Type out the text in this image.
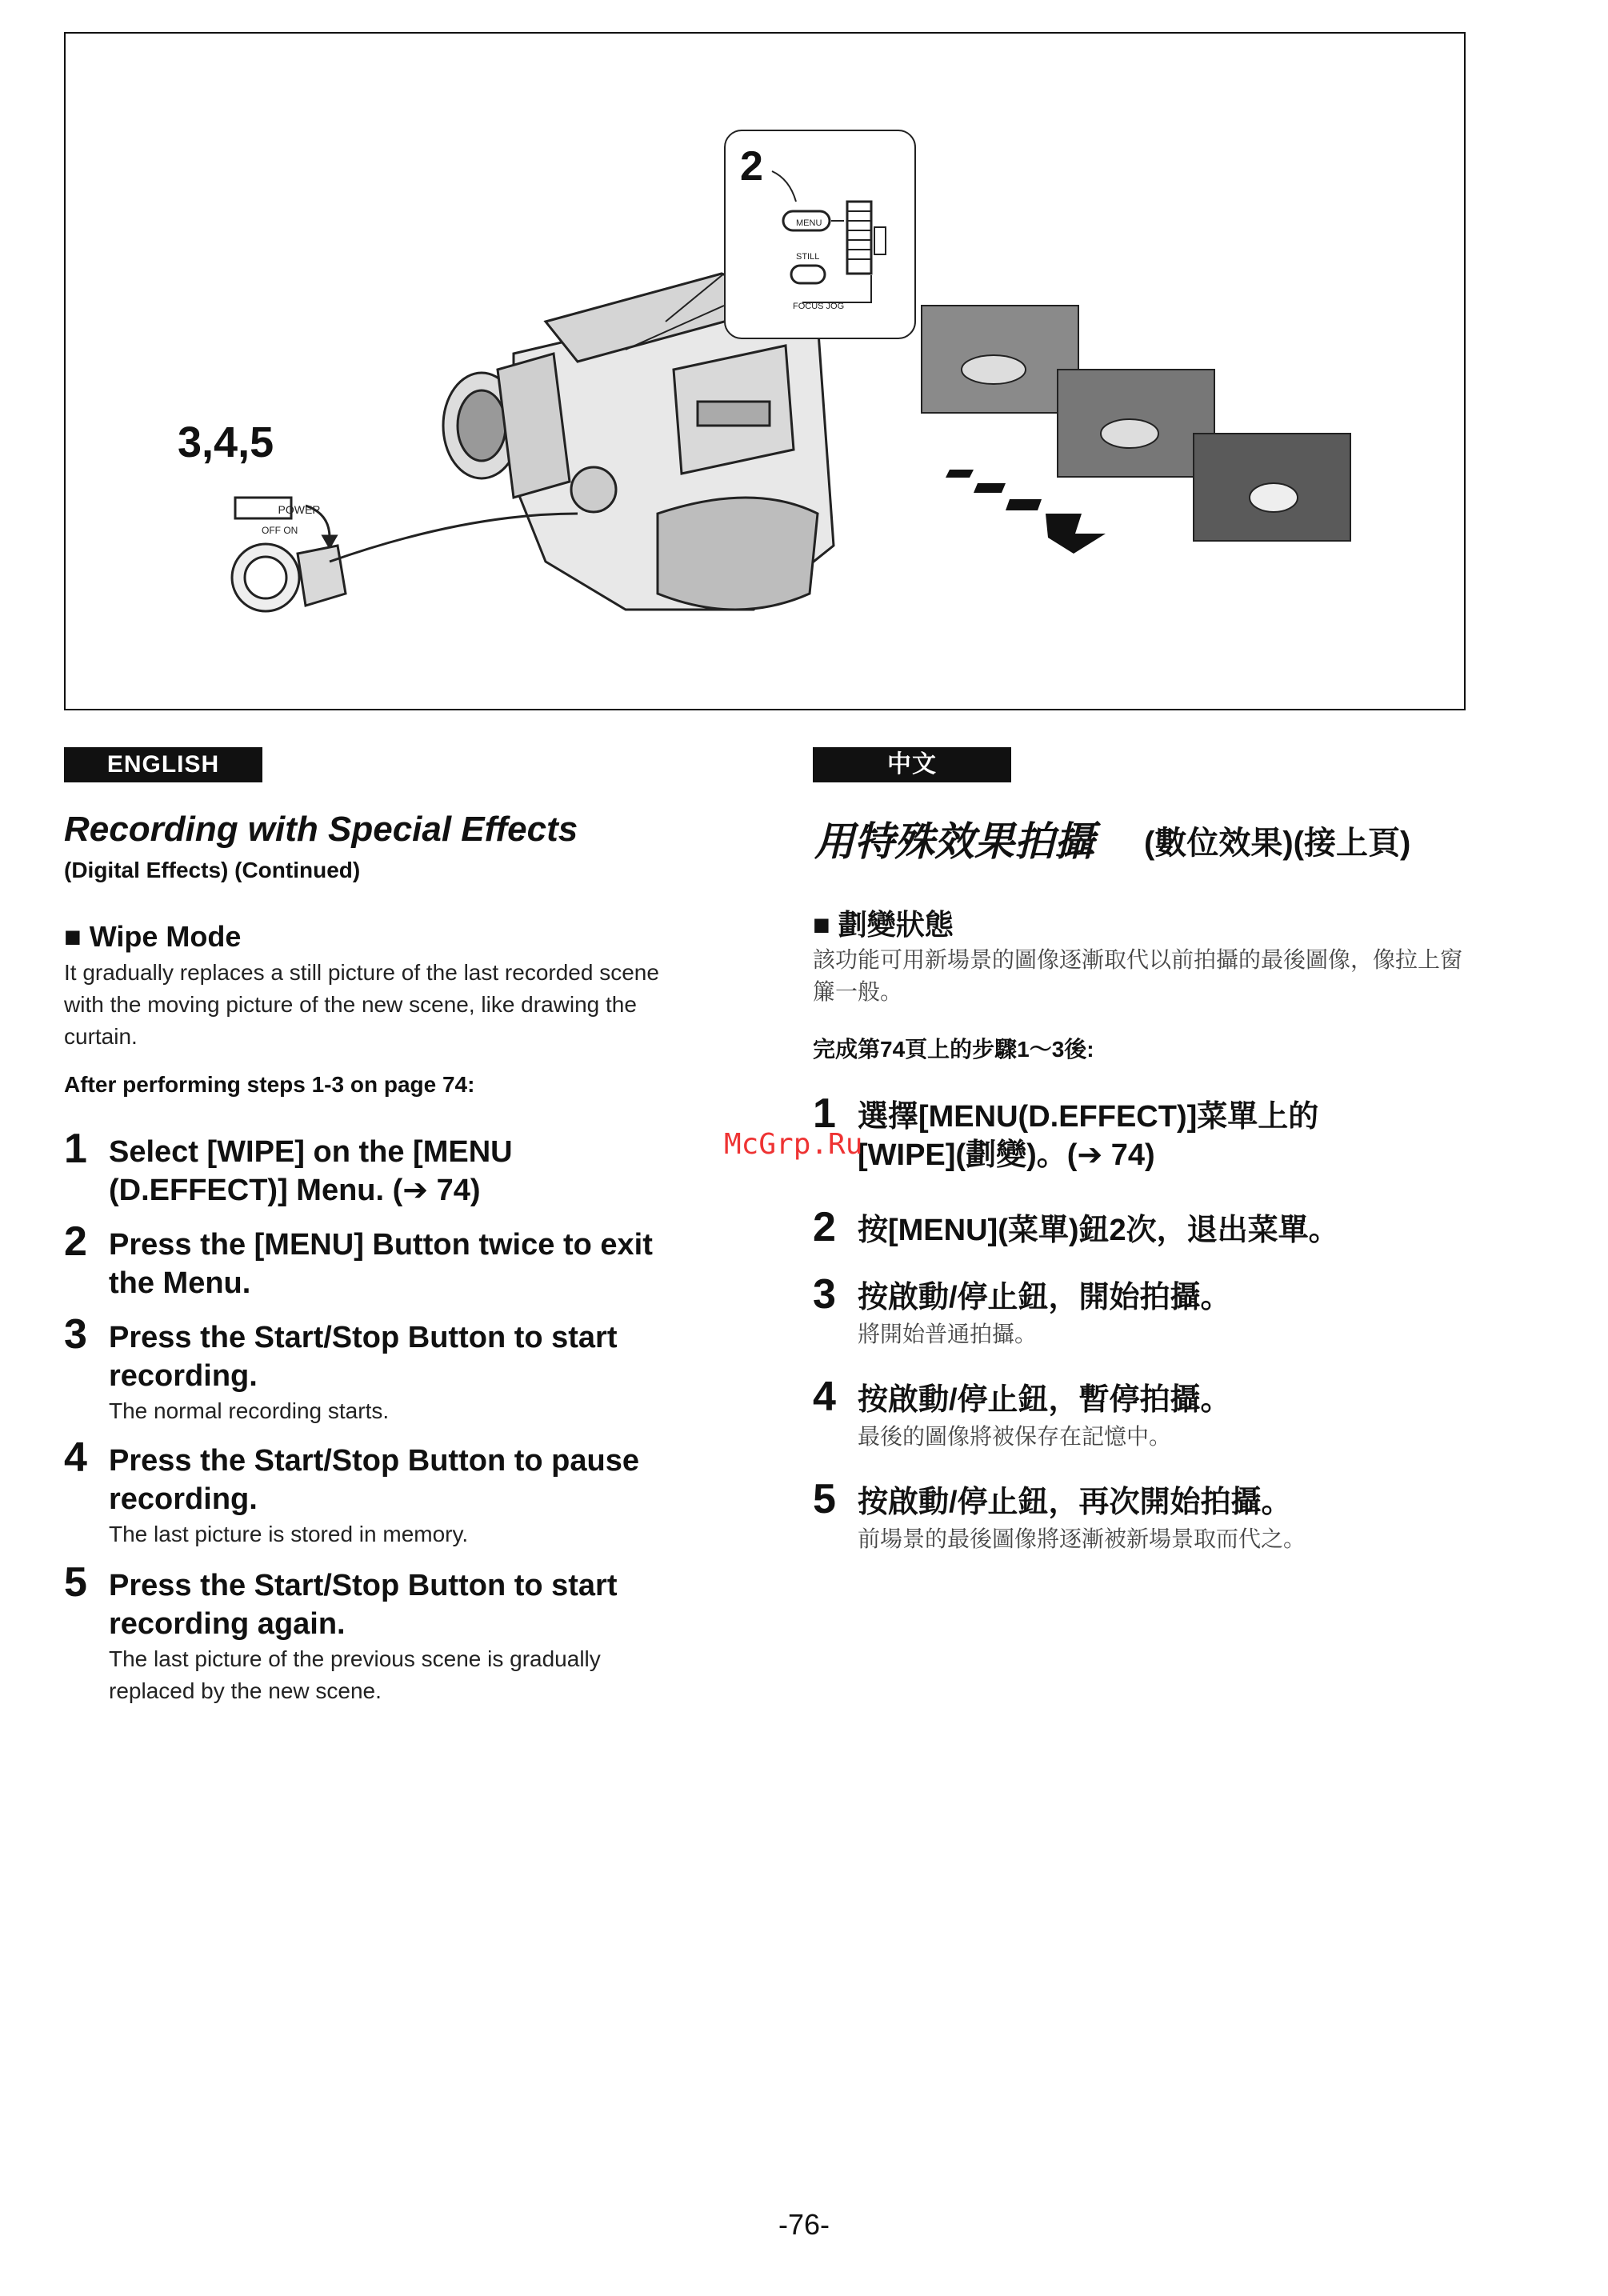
POWER
OFF ON
3,4,5
2
MENU
STILL
FOCUS JOG
ENGLISH
Recording with Special Effects
(Digital Effects) (Continued)
■ Wipe Mode
It gradually replaces a still picture of the last recorded scene with the moving picture of the new scene, like drawing the curtain.
After performing steps 1-3 on page 74:
1 Select [WIPE] on the [MENU
(D.EFFECT)] Menu. (➔ 74)
2 Press the [MENU] Button twice to exit
the Menu.
3 Press the Start/Stop Button to start
recording.
The normal recording starts.
4 Press the Start/Stop Button to pause
recording.
The last picture is stored in memory.
5 Press the Start/Stop Button to start
recording again.
The last picture of the previous scene is gradually
replaced by the new scene.
中文
用特殊效果拍攝 (數位效果)(接上頁)
■ 劃變狀態
該功能可用新場景的圖像逐漸取代以前拍攝的最後圖像，像拉上窗簾一般。
完成第74頁上的步驟1～3後:
1 選擇[MENU(D.EFFECT)]菜單上的
[WIPE](劃變)。(➔ 74)
2 按[MENU](菜單)鈕2次，退出菜單。
3 按啟動/停止鈕，開始拍攝。
將開始普通拍攝。
4 按啟動/停止鈕，暫停拍攝。
最後的圖像將被保存在記憶中。
5 按啟動/停止鈕，再次開始拍攝。
前場景的最後圖像將逐漸被新場景取而代之。
McGrp.Ru
-76-
